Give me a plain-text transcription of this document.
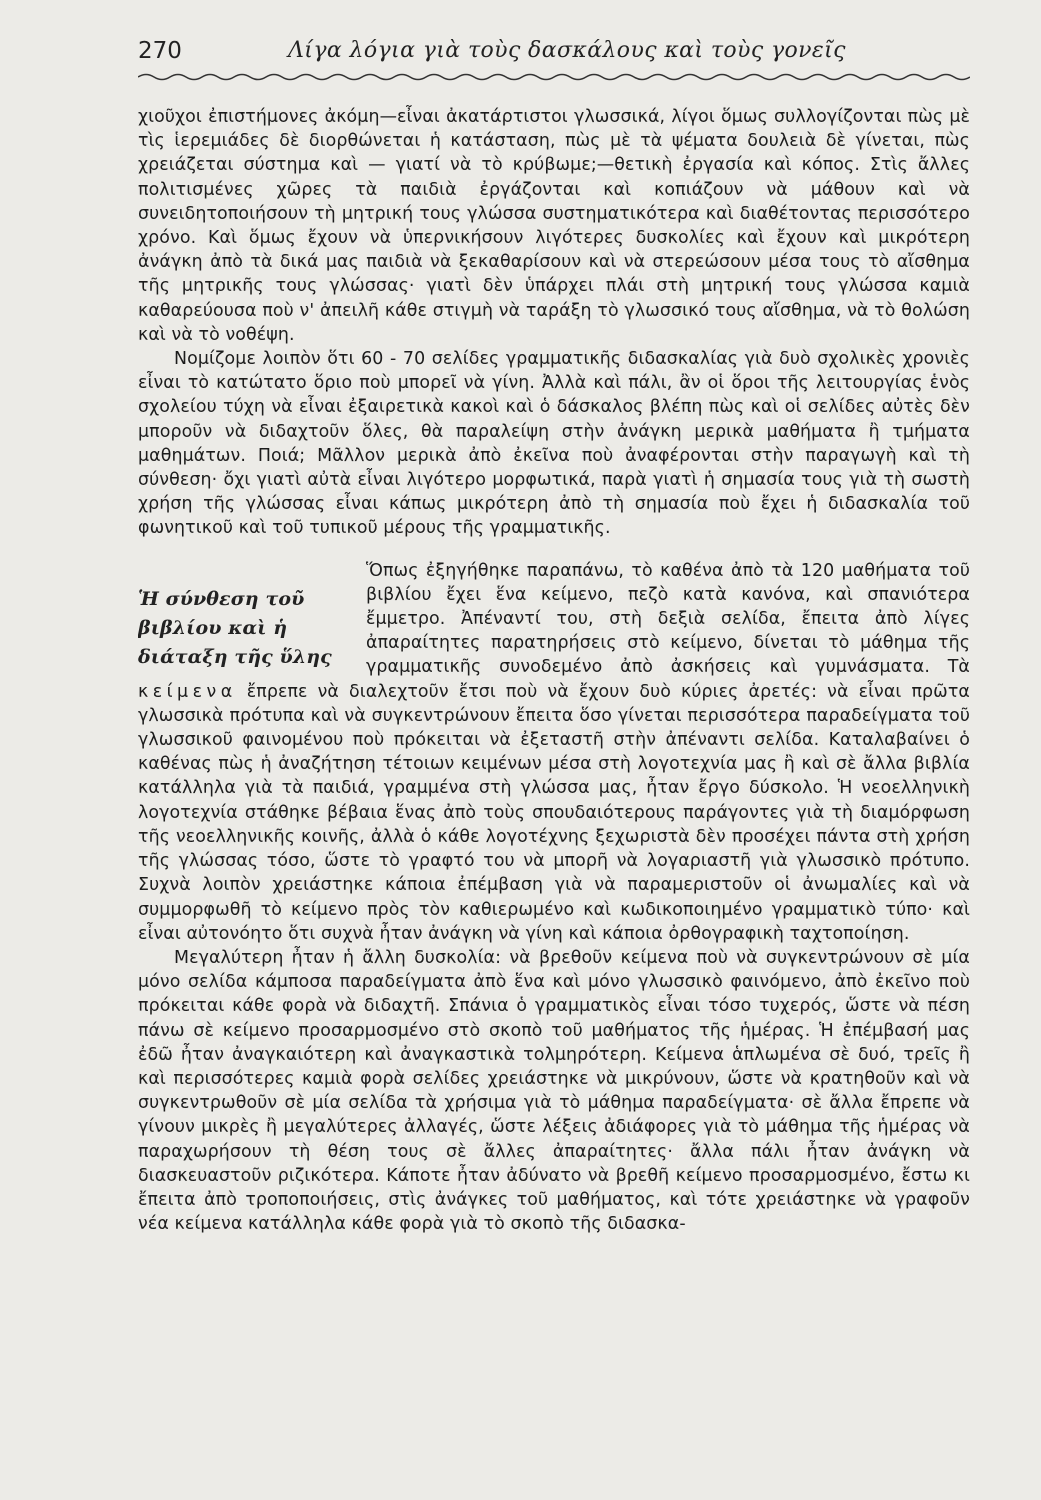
270	Λίγα λόγια γιὰ τοὺς δασκάλους καὶ τοὺς γονεῖς

χιοῦχοι ἐπιστήμονες ἀκόμη—εἶναι ἀκατάρτιστοι γλωσσικά, λίγοι ὅμως συλλογίζονται πὼς μὲ τὶς ἱερεμιάδες δὲ διορθώνεται ἡ κατάσταση, πὼς μὲ τὰ ψέματα δουλειὰ δὲ γίνεται, πὼς χρειάζεται σύστημα καὶ — γιατί νὰ τὸ κρύβωμε;—θετικὴ ἐργασία καὶ κόπος. Στὶς ἄλλες πολιτισμένες χῶρες τὰ παιδιὰ ἐργάζονται καὶ κοπιάζουν νὰ μάθουν καὶ νὰ συνειδητοποιήσουν τὴ μητρική τους γλώσσα συστηματικότερα καὶ διαθέτοντας περισσότερο χρόνο. Καὶ ὅμως ἔχουν νὰ ὑπερνικήσουν λιγότερες δυσκολίες καὶ ἔχουν καὶ μικρότερη ἀνάγκη ἀπὸ τὰ δικά μας παιδιὰ νὰ ξεκαθαρίσουν καὶ νὰ στερεώσουν μέσα τους τὸ αἴσθημα τῆς μητρικῆς τους γλώσσας· γιατὶ δὲν ὑπάρχει πλάι στὴ μητρική τους γλώσσα καμιὰ καθαρεύουσα ποὺ ν' ἀπειλῆ κάθε στιγμὴ νὰ ταράξη τὸ γλωσσικό τους αἴσθημα, νὰ τὸ θολώση καὶ νὰ τὸ νοθέψη.

Νομίζομε λοιπὸν ὅτι 60 - 70 σελίδες γραμματικῆς διδασκαλίας γιὰ δυὸ σχολικὲς χρονιὲς εἶναι τὸ κατώτατο ὅριο ποὺ μπορεῖ νὰ γίνη. Ἀλλὰ καὶ πάλι, ἂν οἱ ὅροι τῆς λειτουργίας ἑνὸς σχολείου τύχη νὰ εἶναι ἐξαιρετικὰ κακοὶ καὶ ὁ δάσκαλος βλέπη πὼς καὶ οἱ σελίδες αὐτὲς δὲν μποροῦν νὰ διδαχτοῦν ὅλες, θὰ παραλείψη στὴν ἀνάγκη μερικὰ μαθήματα ἢ τμήματα μαθημάτων. Ποιά; Μᾶλλον μερικὰ ἀπὸ ἐκεῖνα ποὺ ἀναφέρονται στὴν παραγωγὴ καὶ τὴ σύνθεση· ὄχι γιατὶ αὐτὰ εἶναι λιγότερο μορφωτικά, παρὰ γιατὶ ἡ σημασία τους γιὰ τὴ σωστὴ χρήση τῆς γλώσσας εἶναι κάπως μικρότερη ἀπὸ τὴ σημασία ποὺ ἔχει ἡ διδασκαλία τοῦ φωνητικοῦ καὶ τοῦ τυπικοῦ μέρους τῆς γραμματικῆς.

Ἡ σύνθεση τοῦ
βιβλίου καὶ ἡ
διάταξη τῆς ὕλης

Ὅπως ἐξηγήθηκε παραπάνω, τὸ καθένα ἀπὸ τὰ 120 μαθήματα τοῦ βιβλίου ἔχει ἕνα κείμενο, πεζὸ κατὰ κανόνα, καὶ σπανιότερα ἔμμετρο. Ἀπέναντί του, στὴ δεξιὰ σελίδα, ἔπειτα ἀπὸ λίγες ἀπαραίτητες παρατηρήσεις στὸ κείμενο, δίνεται τὸ μάθημα τῆς γραμματικῆς συνοδεμένο ἀπὸ ἀσκήσεις καὶ γυμνάσματα. Τὰ κείμενα ἔπρεπε νὰ διαλεχτοῦν ἔτσι ποὺ νὰ ἔχουν δυὸ κύριες ἀρετές: νὰ εἶναι πρῶτα γλωσσικὰ πρότυπα καὶ νὰ συγκεντρώνουν ἔπειτα ὅσο γίνεται περισσότερα παραδείγματα τοῦ γλωσσικοῦ φαινομένου ποὺ πρόκειται νὰ ἐξεταστῆ στὴν ἀπέναντι σελίδα. Καταλαβαίνει ὁ καθένας πὼς ἡ ἀναζήτηση τέτοιων κειμένων μέσα στὴ λογοτεχνία μας ἢ καὶ σὲ ἄλλα βιβλία κατάλληλα γιὰ τὰ παιδιά, γραμμένα στὴ γλώσσα μας, ἦταν ἔργο δύσκολο. Ἡ νεοελληνικὴ λογοτεχνία στάθηκε βέβαια ἕνας ἀπὸ τοὺς σπουδαιότερους παράγοντες γιὰ τὴ διαμόρφωση τῆς νεοελληνικῆς κοινῆς, ἀλλὰ ὁ κάθε λογοτέχνης ξεχωριστὰ δὲν προσέχει πάντα στὴ χρήση τῆς γλώσσας τόσο, ὥστε τὸ γραφτό του νὰ μπορῆ νὰ λογαριαστῆ γιὰ γλωσσικὸ πρότυπο. Συχνὰ λοιπὸν χρειάστηκε κάποια ἐπέμβαση γιὰ νὰ παραμεριστοῦν οἱ ἀνωμαλίες καὶ νὰ συμμορφωθῆ τὸ κείμενο πρὸς τὸν καθιερωμένο καὶ κωδικοποιημένο γραμματικὸ τύπο· καὶ εἶναι αὐτονόητο ὅτι συχνὰ ἦταν ἀνάγκη νὰ γίνη καὶ κάποια ὀρθογραφικὴ ταχτοποίηση.

Μεγαλύτερη ἦταν ἡ ἄλλη δυσκολία: νὰ βρεθοῦν κείμενα ποὺ νὰ συγκεντρώνουν σὲ μία μόνο σελίδα κάμποσα παραδείγματα ἀπὸ ἕνα καὶ μόνο γλωσσικὸ φαινόμενο, ἀπὸ ἐκεῖνο ποὺ πρόκειται κάθε φορὰ νὰ διδαχτῆ. Σπάνια ὁ γραμματικὸς εἶναι τόσο τυχερός, ὥστε νὰ πέση πάνω σὲ κείμενο προσαρμοσμένο στὸ σκοπὸ τοῦ μαθήματος τῆς ἡμέρας. Ἡ ἐπέμβασή μας ἐδῶ ἦταν ἀναγκαιότερη καὶ ἀναγκαστικὰ τολμηρότερη. Κείμενα ἁπλωμένα σὲ δυό, τρεῖς ἢ καὶ περισσότερες καμιὰ φορὰ σελίδες χρειάστηκε νὰ μικρύνουν, ὥστε νὰ κρατηθοῦν καὶ νὰ συγκεντρωθοῦν σὲ μία σελίδα τὰ χρήσιμα γιὰ τὸ μάθημα παραδείγματα· σὲ ἄλλα ἔπρεπε νὰ γίνουν μικρὲς ἢ μεγαλύτερες ἀλλαγές, ὥστε λέξεις ἀδιάφορες γιὰ τὸ μάθημα τῆς ἡμέρας νὰ παραχωρήσουν τὴ θέση τους σὲ ἄλλες ἀπαραίτητες· ἄλλα πάλι ἦταν ἀνάγκη νὰ διασκευαστοῦν ριζικότερα. Κάποτε ἦταν ἀδύνατο νὰ βρεθῆ κείμενο προσαρμοσμένο, ἔστω κι ἔπειτα ἀπὸ τροποποιήσεις, στὶς ἀνάγκες τοῦ μαθήματος, καὶ τότε χρειάστηκε νὰ γραφοῦν νέα κείμενα κατάλληλα κάθε φορὰ γιὰ τὸ σκοπὸ τῆς διδασκα-
